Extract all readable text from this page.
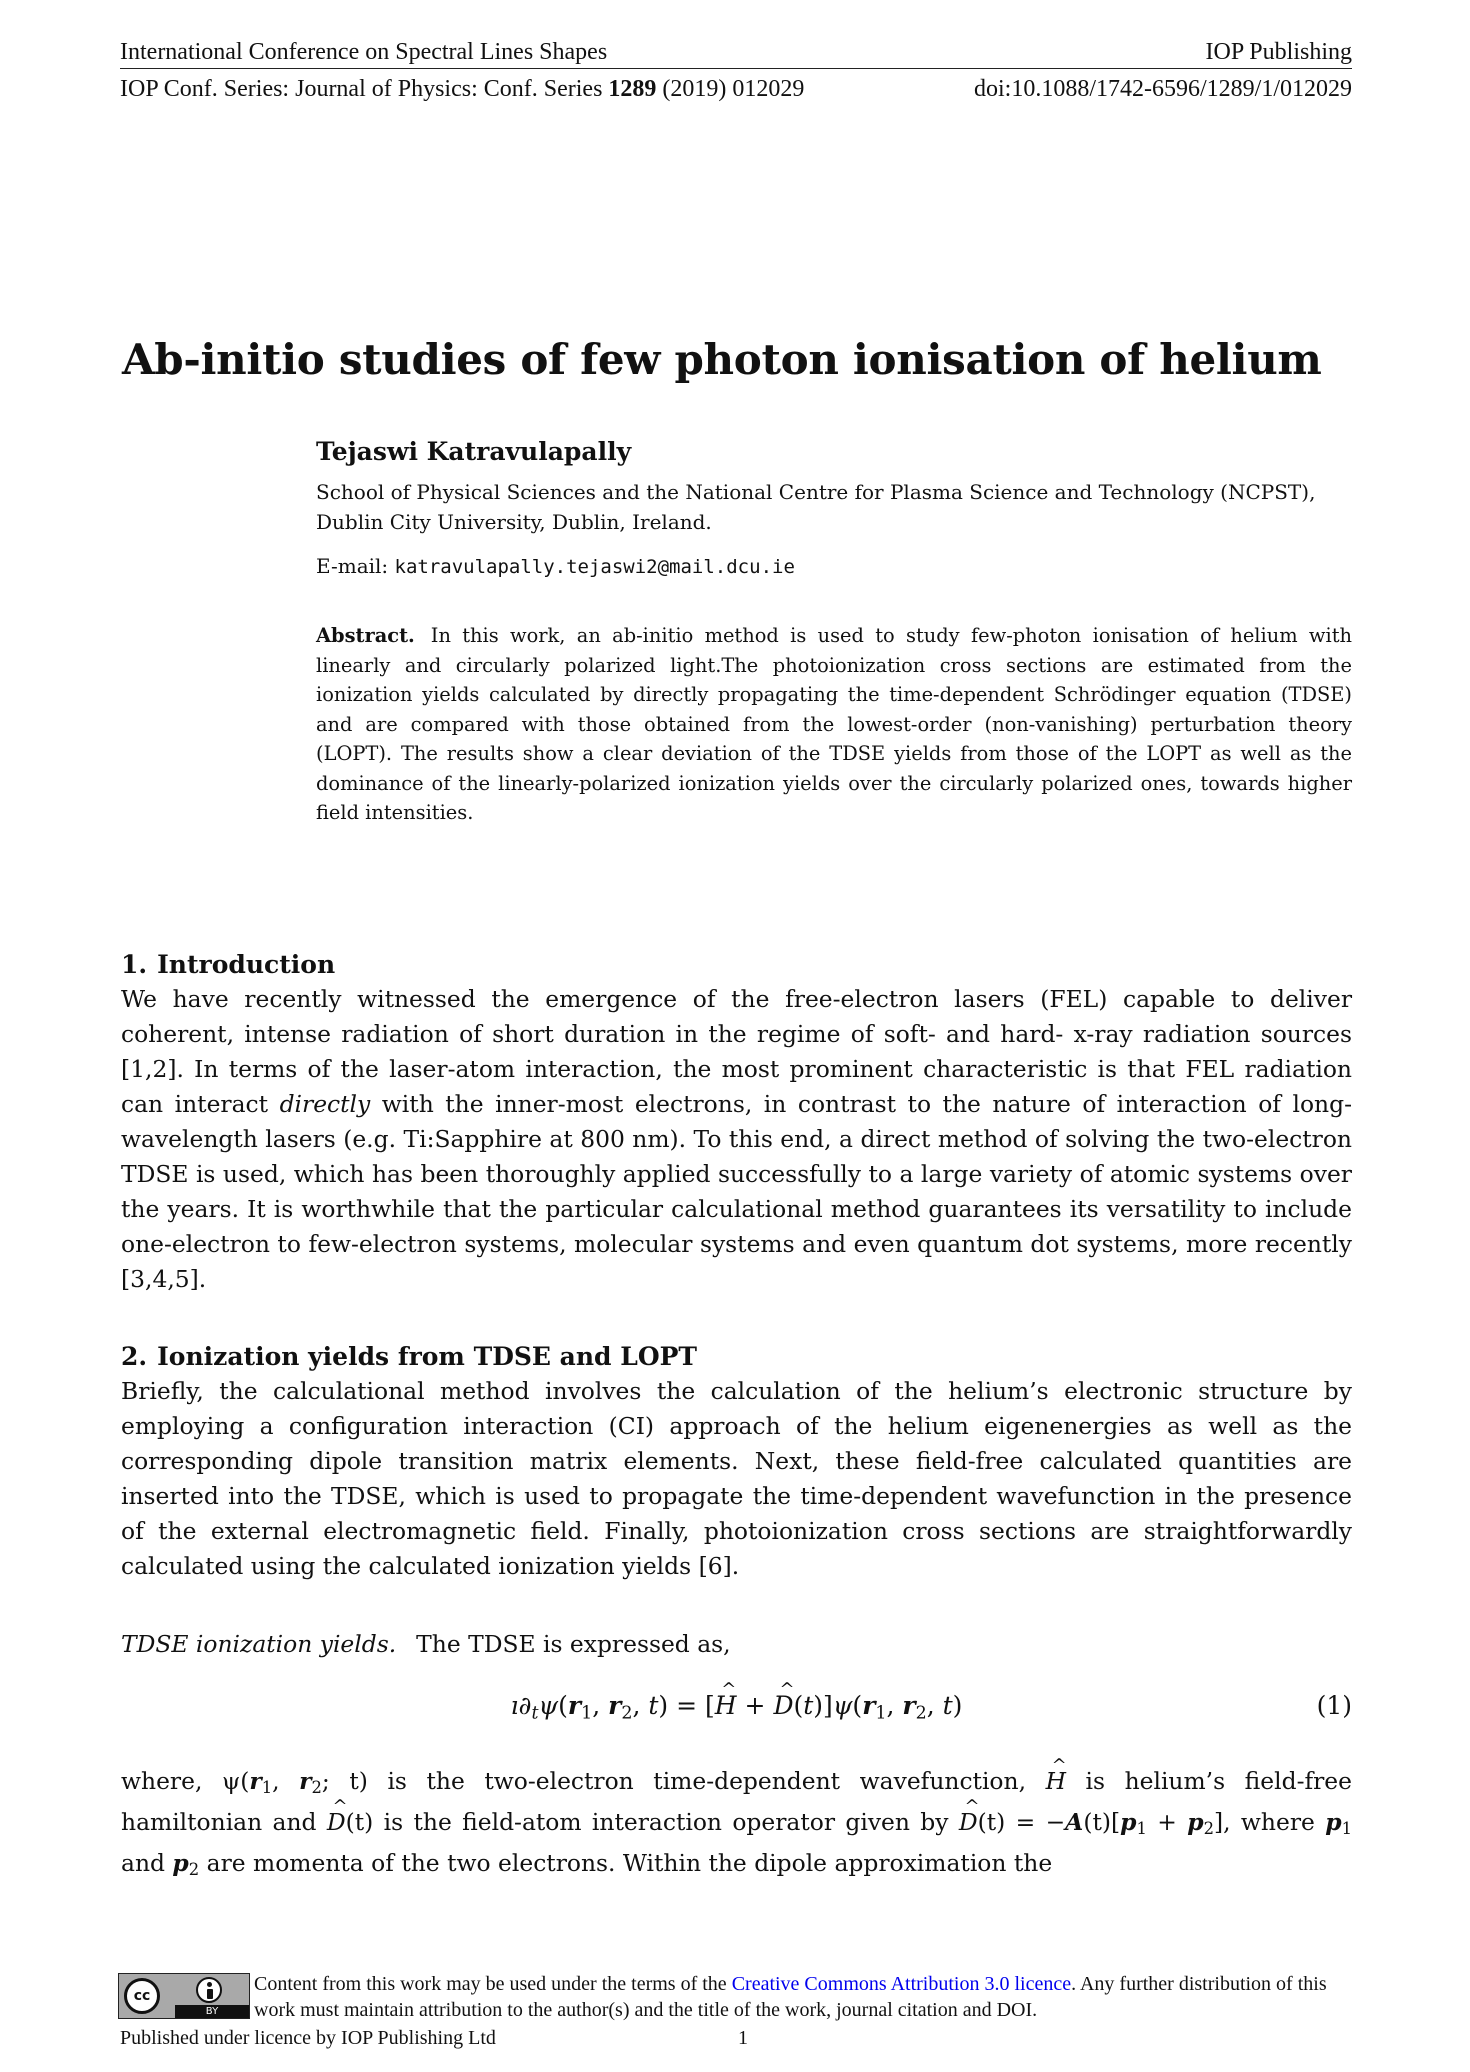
International Conference on Spectral Lines Shapes	IOP Publishing
IOP Conf. Series: Journal of Physics: Conf. Series 1289 (2019) 012029	doi:10.1088/1742-6596/1289/1/012029
Ab-initio studies of few photon ionisation of helium
Tejaswi Katravulapally
School of Physical Sciences and the National Centre for Plasma Science and Technology (NCPST), Dublin City University, Dublin, Ireland.
E-mail: katravulapally.tejaswi2@mail.dcu.ie
Abstract. In this work, an ab-initio method is used to study few-photon ionisation of helium with linearly and circularly polarized light.The photoionization cross sections are estimated from the ionization yields calculated by directly propagating the time-dependent Schrödinger equation (TDSE) and are compared with those obtained from the lowest-order (non-vanishing) perturbation theory (LOPT). The results show a clear deviation of the TDSE yields from those of the LOPT as well as the dominance of the linearly-polarized ionization yields over the circularly polarized ones, towards higher field intensities.
1. Introduction
We have recently witnessed the emergence of the free-electron lasers (FEL) capable to deliver coherent, intense radiation of short duration in the regime of soft- and hard- x-ray radiation sources [1,2]. In terms of the laser-atom interaction, the most prominent characteristic is that FEL radiation can interact directly with the inner-most electrons, in contrast to the nature of interaction of long-wavelength lasers (e.g. Ti:Sapphire at 800 nm). To this end, a direct method of solving the two-electron TDSE is used, which has been thoroughly applied successfully to a large variety of atomic systems over the years. It is worthwhile that the particular calculational method guarantees its versatility to include one-electron to few-electron systems, molecular systems and even quantum dot systems, more recently [3,4,5].
2. Ionization yields from TDSE and LOPT
Briefly, the calculational method involves the calculation of the helium’s electronic structure by employing a configuration interaction (CI) approach of the helium eigenenergies as well as the corresponding dipole transition matrix elements. Next, these field-free calculated quantities are inserted into the TDSE, which is used to propagate the time-dependent wavefunction in the presence of the external electromagnetic field. Finally, photoionization cross sections are straightforwardly calculated using the calculated ionization yields [6].
TDSE ionization yields. The TDSE is expressed as,
$ı\partial_t\psi(r_1$, $r_2$, t) = [^ H + ^ $D(t)]\psi(r_1$, $r_2$, t)	(1)
where, $\psi(r_1$, $r_2$; t) is the two-electron time-dependent wavefunction, ^ H is helium’s field-free hamiltonian and ^ D(t) is the field-atom interaction operator given by ^ $D(t) = -A(t)[p_1 + p_2]$, where $p_1$ and $p_2$ are momenta of the two electrons. Within the dipole approximation the
cc
BY
Content from this work may be used under the terms of the Creative Commons Attribution 3.0 licence. Any further distribution of this work must maintain attribution to the author(s) and the title of the work, journal citation and DOI.
Published under licence by IOP Publishing Ltd	1
